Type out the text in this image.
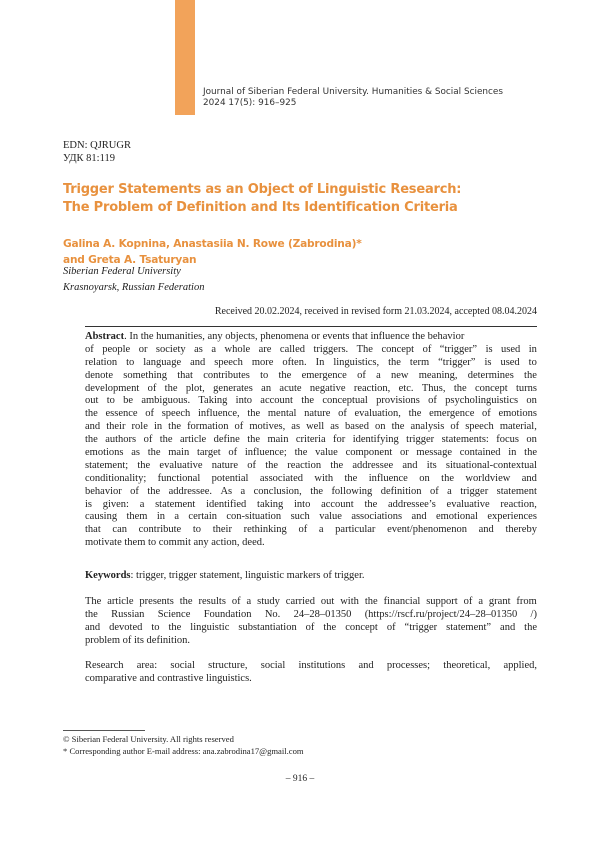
Journal of Siberian Federal University. Humanities & Social Sciences
2024 17(5): 916–925
EDN: QJRUGR
УДК 81:119
Trigger Statements as an Object of Linguistic Research:
The Problem of Definition and Its Identification Criteria
Galina A. Kopnina, Anastasiia N. Rowe (Zabrodina)*
and Greta A. Tsaturyan
Siberian Federal University
Krasnoyarsk, Russian Federation
Received 20.02.2024, received in revised form 21.03.2024, accepted 08.04.2024
Abstract . In the humanities, any objects, phenomena or events that influence the behavior
of people or society as a whole are called triggers. The concept of “trigger” is used in
relation to language and speech more often. In linguistics, the term “trigger” is used to
denote something that contributes to the emergence of a new meaning, determines the
development of the plot, generates an acute negative reaction, etc. Thus, the concept turns
out to be ambiguous. Taking into account the conceptual provisions of psycholinguistics on
the essence of speech influence, the mental nature of evaluation, the emergence of emotions
and their role in the formation of motives, as well as based on the analysis of speech material,
the authors of the article define the main criteria for identifying trigger statements: focus on
emotions as the main target of influence; the value component or message contained in the
statement; the evaluative nature of the reaction the addressee and its situational-contextual
conditionality; functional potential associated with the influence on the worldview and
behavior of the addressee. As a conclusion, the following definition of a trigger statement
is given: a statement identified taking into account the addressee’s evaluative reaction,
causing them in a certain con-situation such value associations and emotional experiences
that can contribute to their rethinking of a particular event/phenomenon and thereby
motivate them to commit any action, deed.
Keywords : trigger, trigger statement, linguistic markers of trigger.
The article presents the results of a study carried out with the financial support of a grant from
the Russian Science Foundation No. 24–28–01350 (https://rscf.ru/project/24–28–01350 /)
and devoted to the linguistic substantiation of the concept of “trigger statement” and the
problem of its definition.
Research area: social structure, social institutions and processes; theoretical, applied,
comparative and contrastive linguistics.
© Siberian Federal University. All rights reserved
* Corresponding author E-mail address: ana.zabrodina17@gmail.com
– 916 –
